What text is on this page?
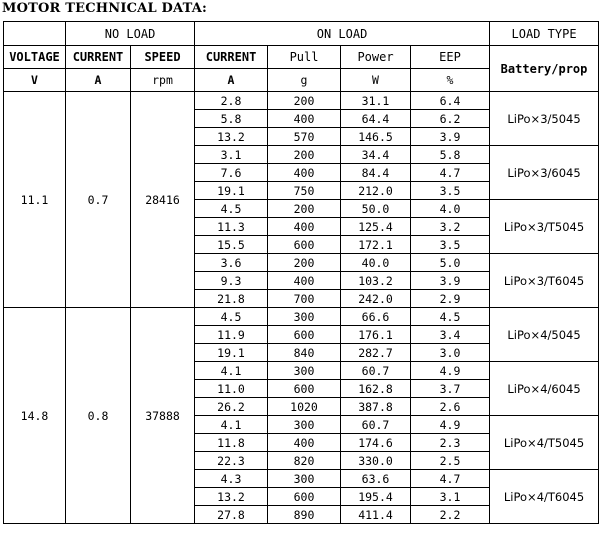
MOTOR TECHNICAL DATA:
	NO LOAD		ON LOAD				LOAD TYPE
VOLTAGE	CURRENT	SPEED	CURRENT	Pull	Power	EEP	Battery/prop
V	A	rpm	A	g	W	%	
11.1	0.7	28416	2.8	200	31.1	6.4	LiPo×3/5045
			5.8	400	64.4	6.2	
			13.2	570	146.5	3.9	
			3.1	200	34.4	5.8	LiPo×3/6045
			7.6	400	84.4	4.7	
			19.1	750	212.0	3.5	
			4.5	200	50.0	4.0	LiPo×3/T5045
			11.3	400	125.4	3.2	
			15.5	600	172.1	3.5	
			3.6	200	40.0	5.0	LiPo×3/T6045
			9.3	400	103.2	3.9	
			21.8	700	242.0	2.9	
14.8	0.8	37888	4.5	300	66.6	4.5	LiPo×4/5045
			11.9	600	176.1	3.4	
			19.1	840	282.7	3.0	
			4.1	300	60.7	4.9	LiPo×4/6045
			11.0	600	162.8	3.7	
			26.2	1020	387.8	2.6	
			4.1	300	60.7	4.9	LiPo×4/T5045
			11.8	400	174.6	2.3	
			22.3	820	330.0	2.5	
			4.3	300	63.6	4.7	LiPo×4/T6045
			13.2	600	195.4	3.1	
			27.8	890	411.4	2.2	
